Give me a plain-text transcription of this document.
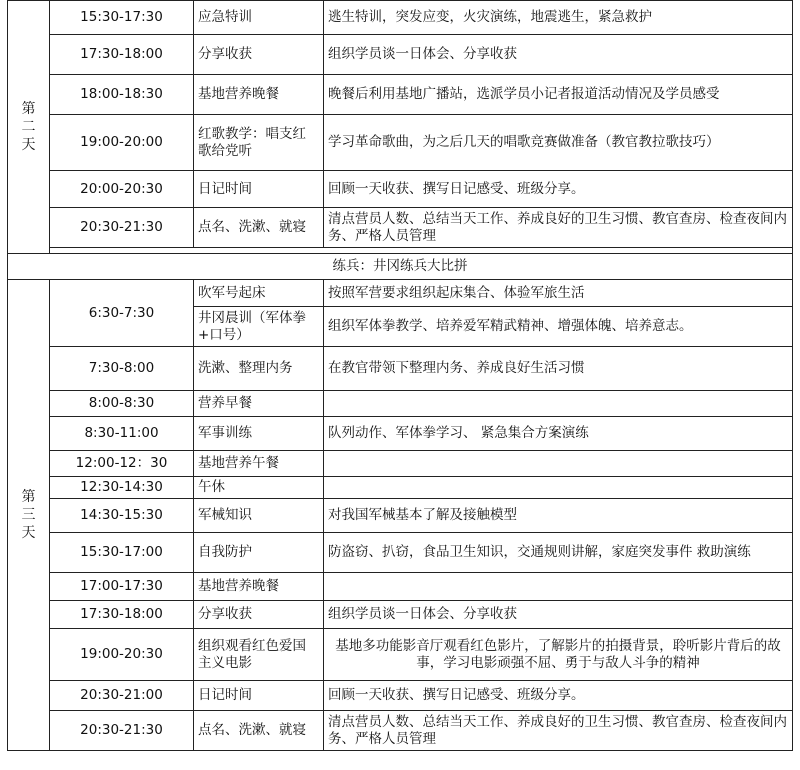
第二天	15:30-17:30	应急特训	逃生特训，突发应变，火灾演练，地震逃生，紧急救护
	17:30-18:00	分享收获	组织学员谈一日体会、分享收获
	18:00-18:30	基地营养晚餐	晚餐后利用基地广播站，选派学员小记者报道活动情况及学员感受
	19:00-20:00	红歌教学：唱支红歌给党听	学习革命歌曲，为之后几天的唱歌竞赛做准备（教官教拉歌技巧）
	20:00-20:30	日记时间	回顾一天收获、撰写日记感受、班级分享。
	20:30-21:30	点名、洗漱、就寝	清点营员人数、总结当天工作、养成良好的卫生习惯、教官查房、检查夜间内务、严格人员管理

练兵：井冈练兵大比拼			

第三天	6:30-7:30	吹军号起床	按照军营要求组织起床集合、体验军旅生活
		井冈晨训（军体拳+口号）	组织军体拳教学、培养爱军精武精神、增强体魄、培养意志。
	7:30-8:00	洗漱、整理内务	在教官带领下整理内务、养成良好生活习惯
	8:00-8:30	营养早餐	
	8:30-11:00	军事训练	队列动作、军体拳学习、 紧急集合方案演练
	12:00-12：30	基地营养午餐	
	12:30-14:30	午休	
	14:30-15:30	军械知识	对我国军械基本了解及接触模型
	15:30-17:00	自我防护	防盗窃、扒窃，食品卫生知识，交通规则讲解，家庭突发事件 救助演练
	17:00-17:30	基地营养晚餐	
	17:30-18:00	分享收获	组织学员谈一日体会、分享收获
	19:00-20:30	组织观看红色爱国主义电影	基地多功能影音厅观看红色影片，了解影片的拍摄背景，聆听影片背后的故事，学习电影顽强不屈、勇于与敌人斗争的精神
	20:30-21:00	日记时间	回顾一天收获、撰写日记感受、班级分享。
	20:30-21:30	点名、洗漱、就寝	清点营员人数、总结当天工作、养成良好的卫生习惯、教官查房、检查夜间内务、严格人员管理
